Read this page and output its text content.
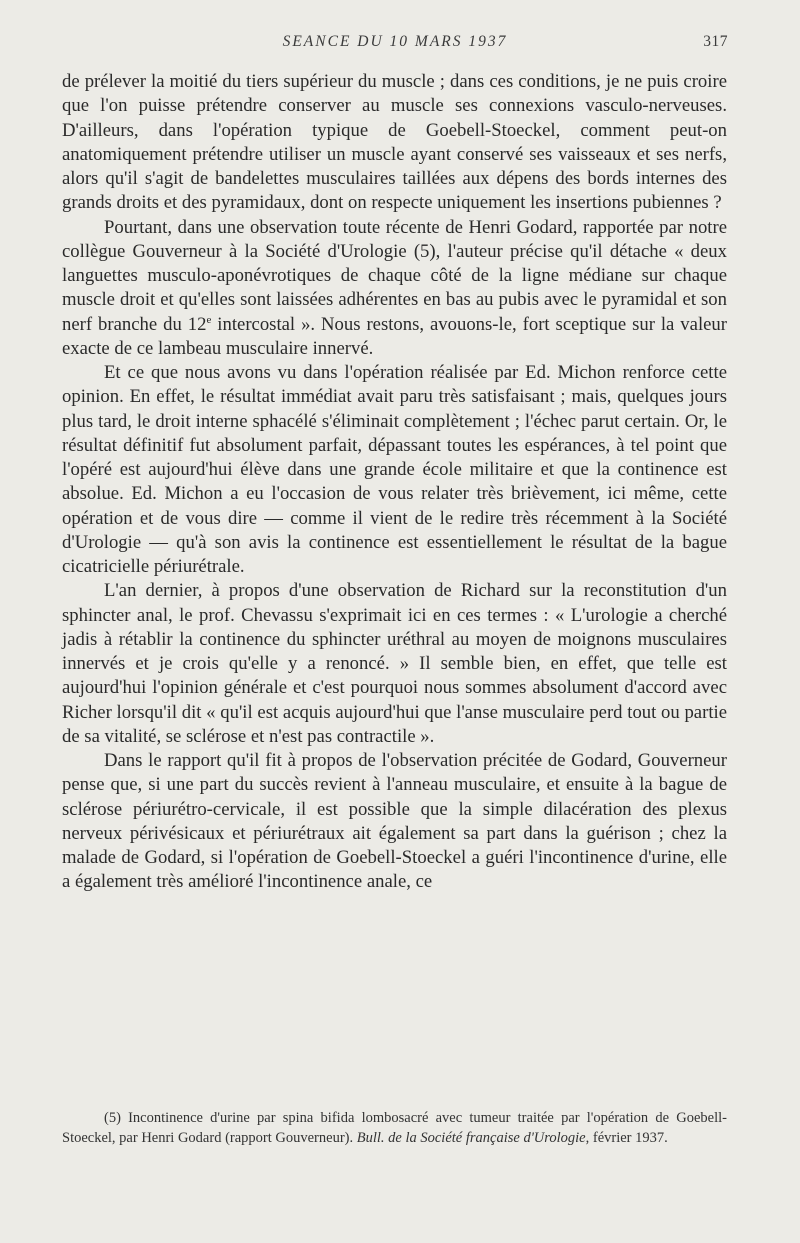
SEANCE DU 10 MARS 1937	317

de prélever la moitié du tiers supérieur du muscle ; dans ces conditions, je ne puis croire que l'on puisse prétendre conserver au muscle ses connexions vasculo-nerveuses. D'ailleurs, dans l'opération typique de Goebell-Stoeckel, comment peut-on anatomiquement prétendre utiliser un muscle ayant conservé ses vaisseaux et ses nerfs, alors qu'il s'agit de bandelettes musculaires taillées aux dépens des bords internes des grands droits et des pyramidaux, dont on respecte uniquement les insertions pubiennes ?

Pourtant, dans une observation toute récente de Henri Godard, rapportée par notre collègue Gouverneur à la Société d'Urologie (5), l'auteur précise qu'il détache « deux languettes musculo-aponévrotiques de chaque côté de la ligne médiane sur chaque muscle droit et qu'elles sont laissées adhérentes en bas au pubis avec le pyramidal et son nerf branche du 12e intercostal ». Nous restons, avouons-le, fort sceptique sur la valeur exacte de ce lambeau musculaire innervé.

Et ce que nous avons vu dans l'opération réalisée par Ed. Michon renforce cette opinion. En effet, le résultat immédiat avait paru très satisfaisant ; mais, quelques jours plus tard, le droit interne sphacélé s'éliminait complètement ; l'échec parut certain. Or, le résultat définitif fut absolument parfait, dépassant toutes les espérances, à tel point que l'opéré est aujourd'hui élève dans une grande école militaire et que la continence est absolue. Ed. Michon a eu l'occasion de vous relater très brièvement, ici même, cette opération et de vous dire — comme il vient de le redire très récemment à la Société d'Urologie — qu'à son avis la continence est essentiellement le résultat de la bague cicatricielle périurétrale.

L'an dernier, à propos d'une observation de Richard sur la reconstitution d'un sphincter anal, le prof. Chevassu s'exprimait ici en ces termes : « L'urologie a cherché jadis à rétablir la continence du sphincter uréthral au moyen de moignons musculaires innervés et je crois qu'elle y a renoncé. » Il semble bien, en effet, que telle est aujourd'hui l'opinion générale et c'est pourquoi nous sommes absolument d'accord avec Richer lorsqu'il dit « qu'il est acquis aujourd'hui que l'anse musculaire perd tout ou partie de sa vitalité, se sclérose et n'est pas contractile ».

Dans le rapport qu'il fit à propos de l'observation précitée de Godard, Gouverneur pense que, si une part du succès revient à l'anneau musculaire, et ensuite à la bague de sclérose périurétro-cervicale, il est possible que la simple dilacération des plexus nerveux périvésicaux et périurétraux ait également sa part dans la guérison ; chez la malade de Godard, si l'opération de Goebell-Stoeckel a guéri l'incontinence d'urine, elle a également très amélioré l'incontinence anale, ce

(5) Incontinence d'urine par spina bifida lombosacré avec tumeur traitée par l'opération de Goebell-Stoeckel, par Henri Godard (rapport Gouverneur). Bull. de la Société française d'Urologie, février 1937.
